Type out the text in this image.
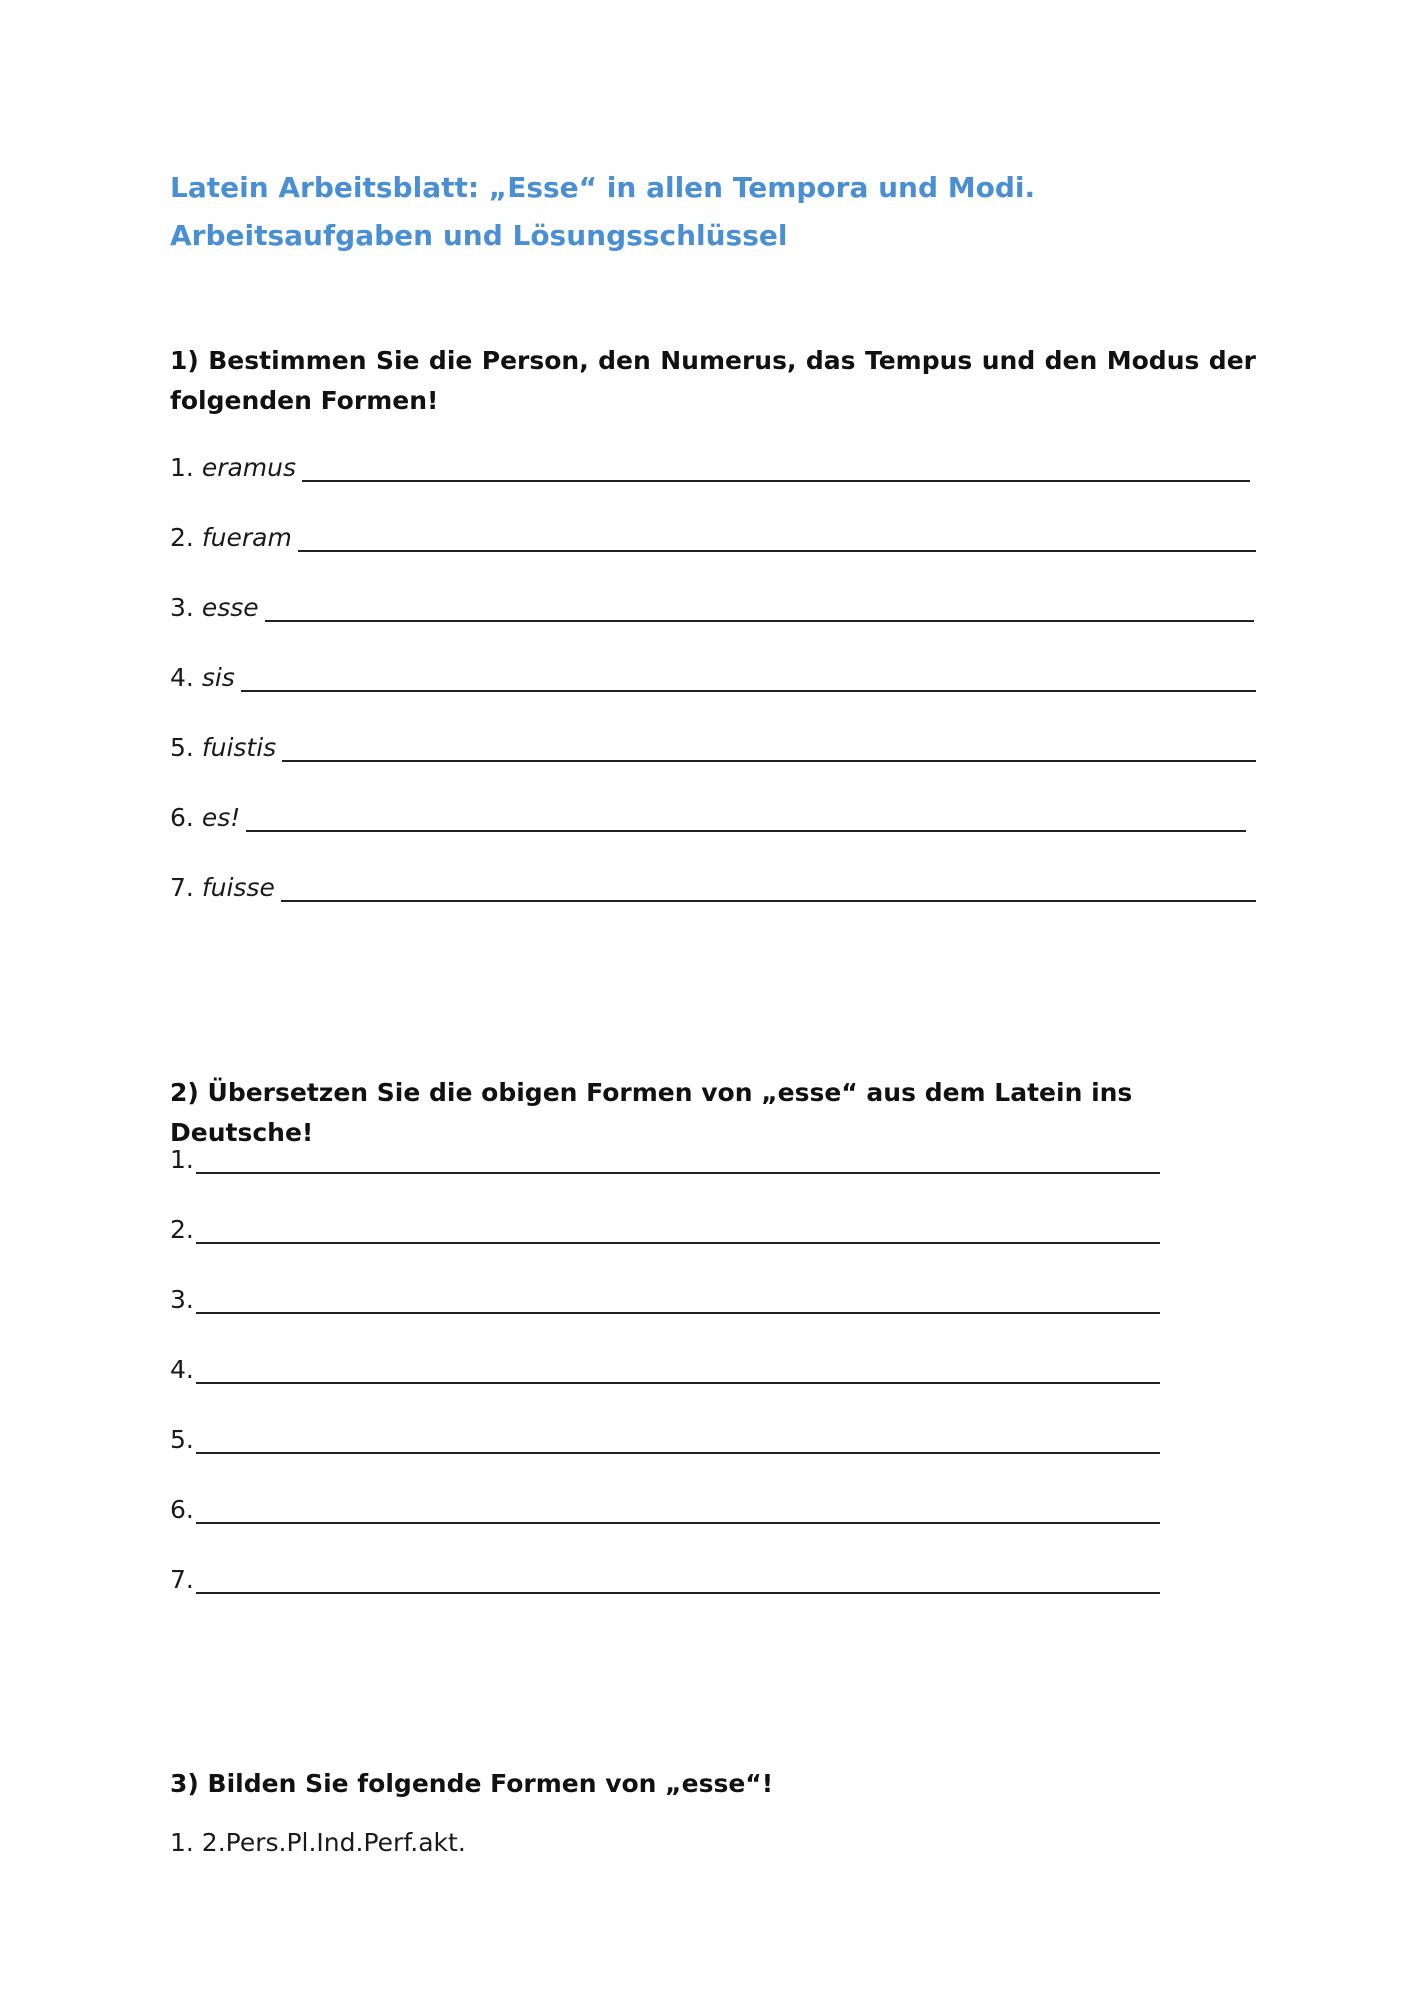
Latein Arbeitsblatt: „Esse“ in allen Tempora und Modi. Arbeitsaufgaben und Lösungsschlüssel
1) Bestimmen Sie die Person, den Numerus, das Tempus und den Modus der folgenden Formen!
1. eramus
2. fueram
3. esse
4. sis
5. fuistis
6. es!
7. fuisse
2) Übersetzen Sie die obigen Formen von „esse“ aus dem Latein ins Deutsche!
1.
2.
3.
4.
5.
6.
7.
3) Bilden Sie folgende Formen von „esse“!
1. 2.Pers.Pl.Ind.Perf.akt.
